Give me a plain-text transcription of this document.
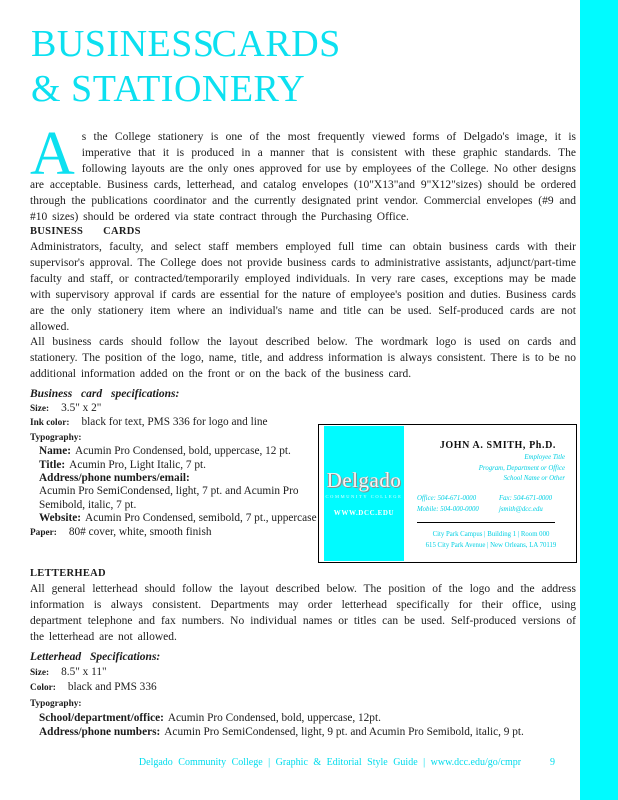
BUSINESS CARDS
& STATIONERY
As the College stationery is one of the most frequently viewed forms of Delgado's image, it is imperative that it is produced in a manner that is consistent with these graphic standards. The following layouts are the only ones approved for use by employees of the College. No other designs are acceptable. Business cards, letterhead, and catalog envelopes (10"X13"and 9"X12"sizes) should be ordered through the publications coordinator and the currently designated print vendor. Commercial envelopes (#9 and #10 sizes) should be ordered via state contract through the Purchasing Office.
BUSINESS CARDS
Administrators, faculty, and select staff members employed full time can obtain business cards with their supervisor's approval. The College does not provide business cards to administrative assistants, adjunct/part-time faculty and staff, or contracted/temporarily employed individuals. In very rare cases, exceptions may be made with supervisory approval if cards are essential for the nature of employee's position and duties. Business cards are the only stationery item where an individual's name and title can be used. Self-produced cards are not allowed.
All business cards should follow the layout described below. The wordmark logo is used on cards and stationery. The position of the logo, name, title, and address information is always consistent. There is to be no additional information added on the front or on the back of the business card.
Business card specifications:
Size: 3.5" x 2"
Ink color: black for text, PMS 336 for logo and line
Typography:
Name: Acumin Pro Condensed, bold, uppercase, 12 pt.
Title: Acumin Pro, Light Italic, 7 pt.
Address/phone numbers/email:
Acumin Pro SemiCondensed, light, 7 pt. and Acumin Pro Semibold, italic, 7 pt.
Website: Acumin Pro Condensed, semibold, 7 pt., uppercase
Paper: 80# cover, white, smooth finish
Delgado
COMMUNITY COLLEGE
WWW.DCC.EDU
JOHN A. SMITH, Ph.D.
Employee Title
Program, Department or Office
School Name or Other
Office: 504-671-0000	Fax: 504-671-0000
Mobile: 504-000-0000	jsmith@dcc.edu
City Park Campus | Building 1 | Room 000
615 City Park Avenue | New Orleans, LA 70119
LETTERHEAD
All general letterhead should follow the layout described below. The position of the logo and the address information is always consistent. Departments may order letterhead specifically for their office, using department telephone and fax numbers. No individual names or titles can be used. Self-produced versions of the letterhead are not allowed.
Letterhead Specifications:
Size: 8.5" x 11"
Color: black and PMS 336
Typography:
School/department/office: Acumin Pro Condensed, bold, uppercase, 12pt.
Address/phone numbers: Acumin Pro SemiCondensed, light, 9 pt. and Acumin Pro Semibold, italic, 9 pt.
Delgado Community College | Graphic & Editorial Style Guide | www.dcc.edu/go/cmpr	9
